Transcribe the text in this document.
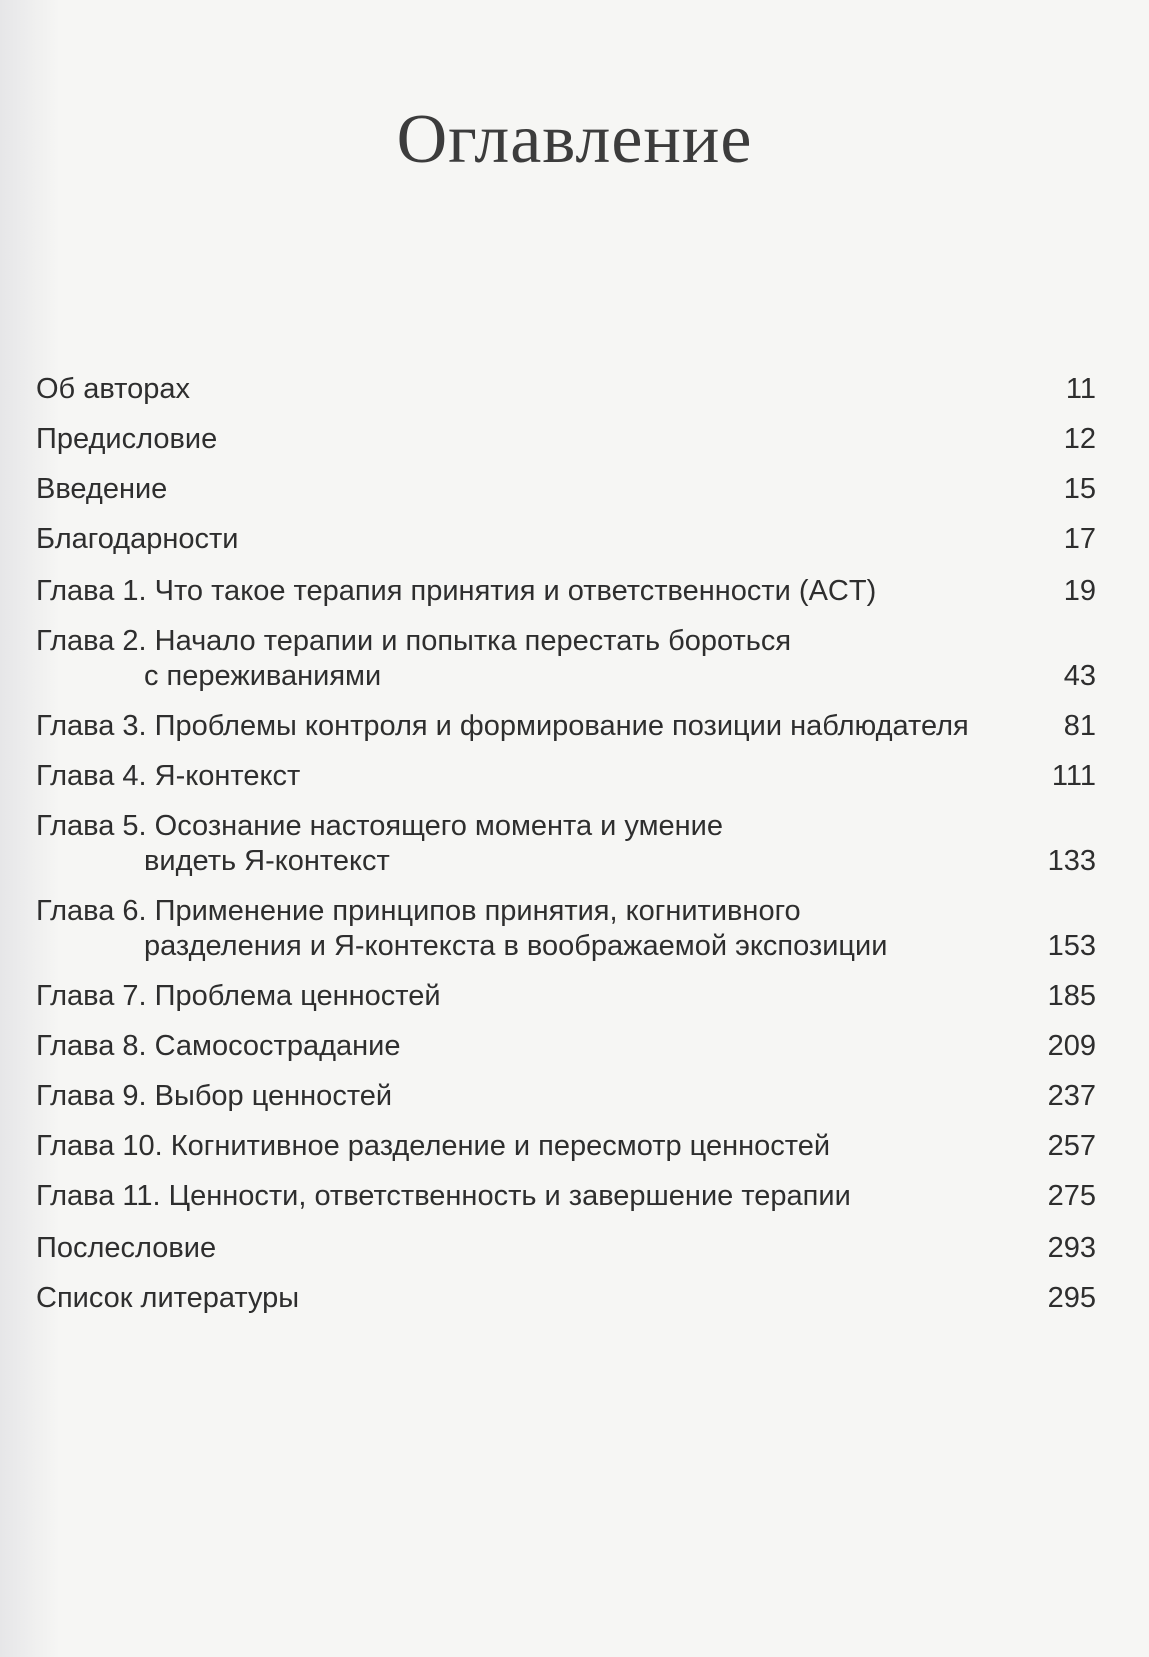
Оглавление
Об авторах	11
Предисловие	12
Введение	15
Благодарности	17
Глава 1. Что такое терапия принятия и ответственности (ACT)	19
Глава 2. Начало терапии и попытка перестать бороться

с переживаниями	43
Глава 3. Проблемы контроля и формирование позиции наблюдателя	81
Глава 4. Я-контекст	111
Глава 5. Осознание настоящего момента и умение

видеть Я-контекст	133
Глава 6. Применение принципов принятия, когнитивного

разделения и Я-контекста в воображаемой экспозиции	153
Глава 7. Проблема ценностей	185
Глава 8. Самосострадание	209
Глава 9. Выбор ценностей	237
Глава 10. Когнитивное разделение и пересмотр ценностей	257
Глава 11. Ценности, ответственность и завершение терапии	275
Послесловие	293
Список литературы	295
